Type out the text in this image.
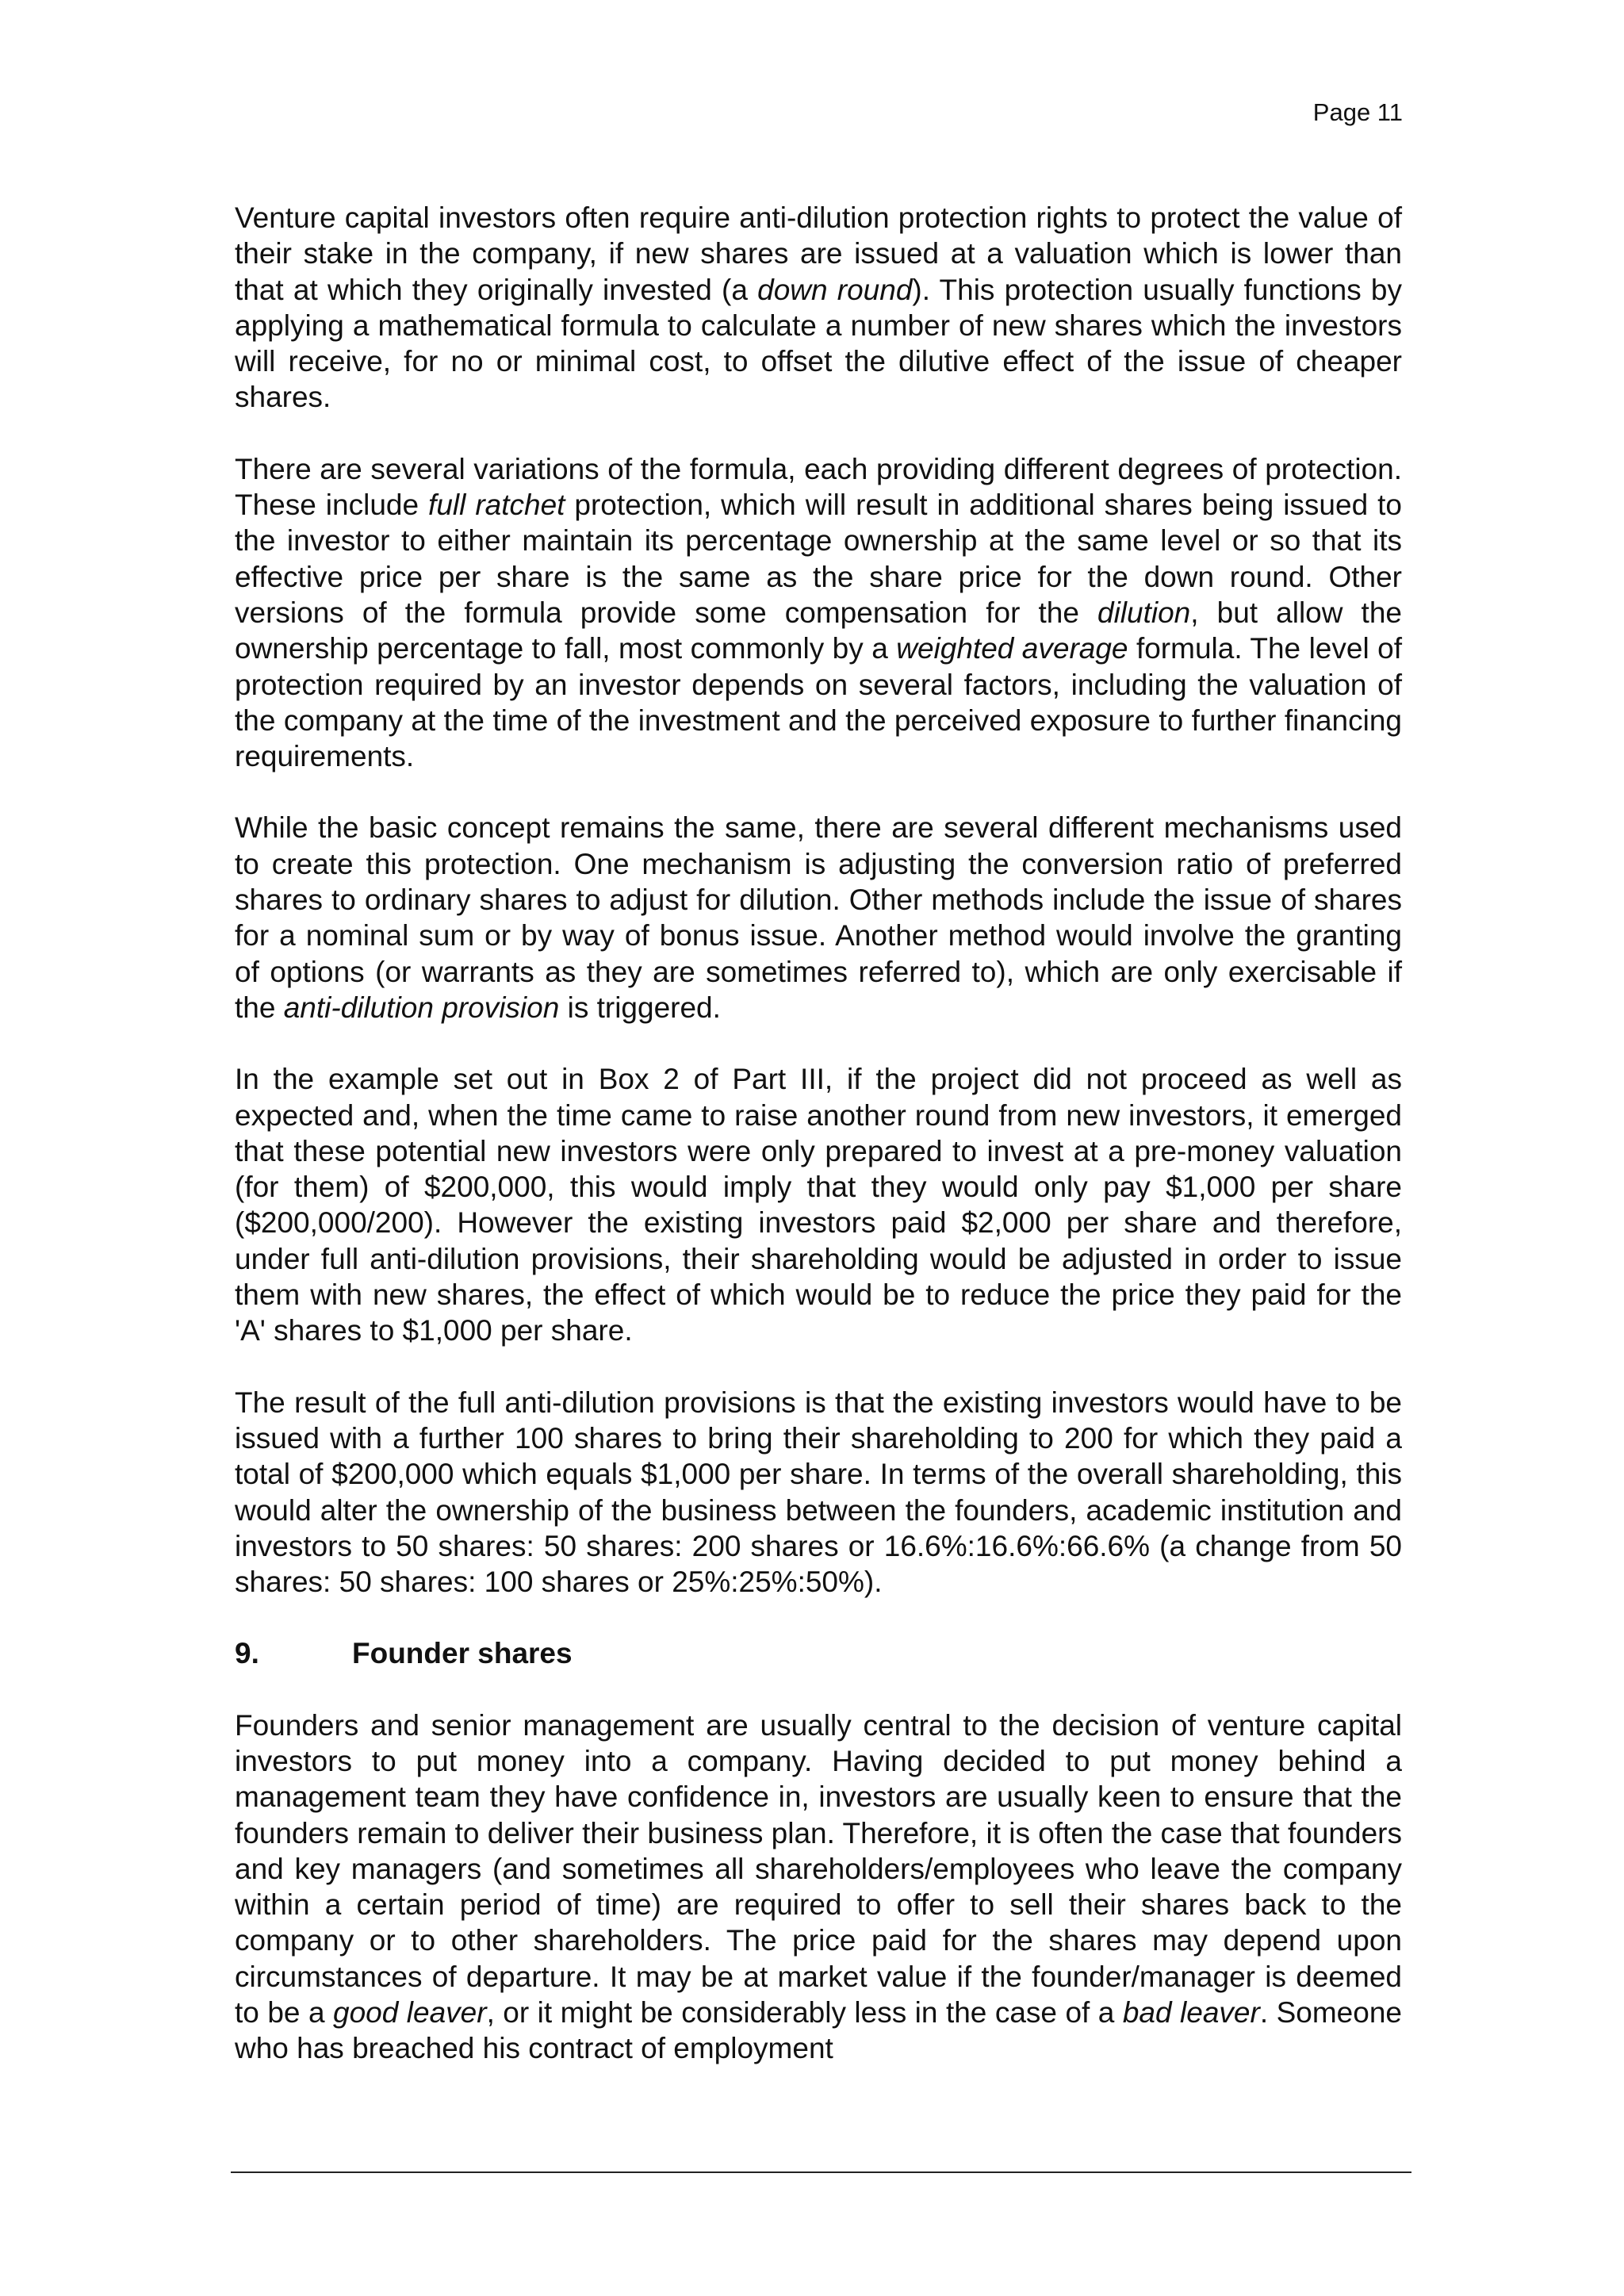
Page 11

Venture capital investors often require anti-dilution protection rights to protect the value of their stake in the company, if new shares are issued at a valuation which is lower than that at which they originally invested (a down round). This protection usually functions by applying a mathematical formula to calculate a number of new shares which the investors will receive, for no or minimal cost, to offset the dilutive effect of the issue of cheaper shares.

There are several variations of the formula, each providing different degrees of protection. These include full ratchet protection, which will result in additional shares being issued to the investor to either maintain its percentage ownership at the same level or so that its effective price per share is the same as the share price for the down round. Other versions of the formula provide some compensation for the dilution, but allow the ownership percentage to fall, most commonly by a weighted average formula. The level of protection required by an investor depends on several factors, including the valuation of the company at the time of the investment and the perceived exposure to further financing requirements.

While the basic concept remains the same, there are several different mechanisms used to create this protection. One mechanism is adjusting the conversion ratio of preferred shares to ordinary shares to adjust for dilution. Other methods include the issue of shares for a nominal sum or by way of bonus issue. Another method would involve the granting of options (or warrants as they are sometimes referred to), which are only exercisable if the anti-dilution provision is triggered.

In the example set out in Box 2 of Part III, if the project did not proceed as well as expected and, when the time came to raise another round from new investors, it emerged that these potential new investors were only prepared to invest at a pre-money valuation (for them) of $200,000, this would imply that they would only pay $1,000 per share ($200,000/200). However the existing investors paid $2,000 per share and therefore, under full anti-dilution provisions, their shareholding would be adjusted in order to issue them with new shares, the effect of which would be to reduce the price they paid for the 'A' shares to $1,000 per share.

The result of the full anti-dilution provisions is that the existing investors would have to be issued with a further 100 shares to bring their shareholding to 200 for which they paid a total of $200,000 which equals $1,000 per share. In terms of the overall shareholding, this would alter the ownership of the business between the founders, academic institution and investors to 50 shares: 50 shares: 200 shares or 16.6%:16.6%:66.6% (a change from 50 shares: 50 shares: 100 shares or 25%:25%:50%).

9.	Founder shares

Founders and senior management are usually central to the decision of venture capital investors to put money into a company. Having decided to put money behind a management team they have confidence in, investors are usually keen to ensure that the founders remain to deliver their business plan. Therefore, it is often the case that founders and key managers (and sometimes all shareholders/employees who leave the company within a certain period of time) are required to offer to sell their shares back to the company or to other shareholders. The price paid for the shares may depend upon circumstances of departure. It may be at market value if the founder/manager is deemed to be a good leaver, or it might be considerably less in the case of a bad leaver. Someone who has breached his contract of employment
